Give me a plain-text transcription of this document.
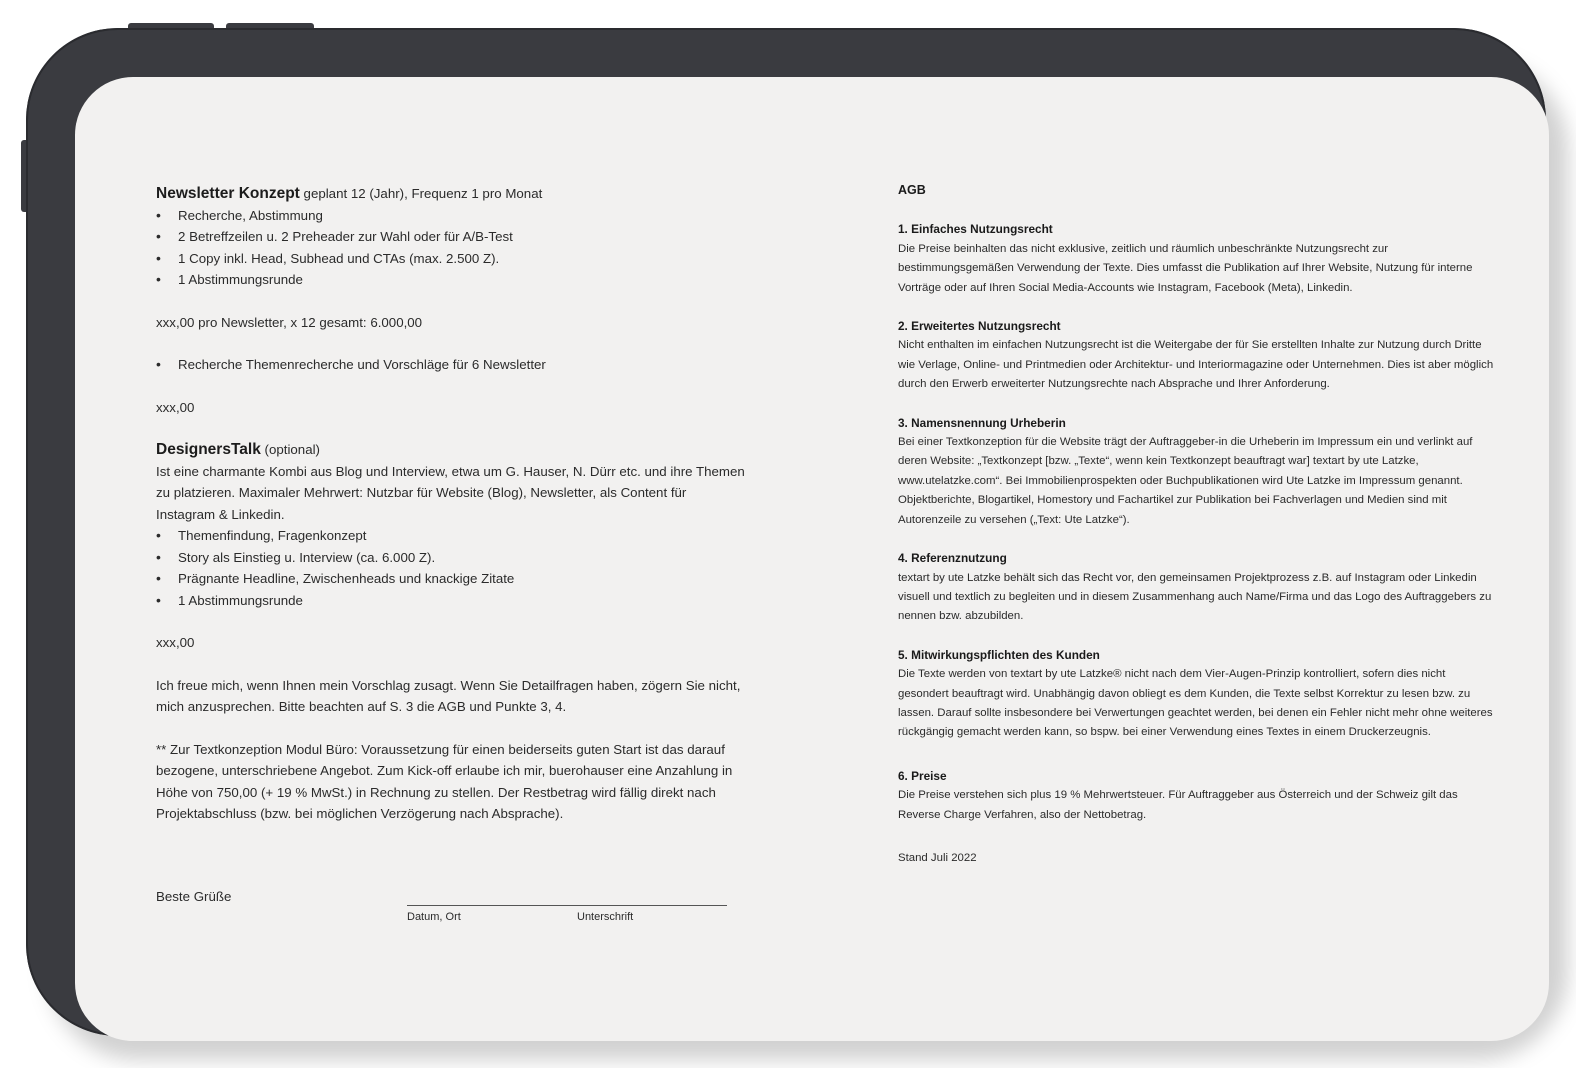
Newsletter Konzept geplant 12 (Jahr), Frequenz 1 pro Monat
• Recherche, Abstimmung
• 2 Betreffzeilen u. 2 Preheader zur Wahl oder für A/B-Test
• 1 Copy inkl. Head, Subhead und CTAs (max. 2.500 Z).
• 1 Abstimmungsrunde

xxx,00 pro Newsletter, x 12 gesamt: 6.000,00

• Recherche Themenrecherche und Vorschläge für 6 Newsletter

xxx,00

DesignersTalk (optional)

Ist eine charmante Kombi aus Blog und Interview, etwa um G. Hauser, N. Dürr etc. und ihre Themen zu platzieren. Maximaler Mehrwert: Nutzbar für Website (Blog), Newsletter, als Content für Instagram & Linkedin.

• Themenfindung, Fragenkonzept
• Story als Einstieg u. Interview (ca. 6.000 Z).
• Prägnante Headline, Zwischenheads und knackige Zitate
• 1 Abstimmungsrunde

xxx,00

Ich freue mich, wenn Ihnen mein Vorschlag zusagt. Wenn Sie Detailfragen haben, zögern Sie nicht, mich anzusprechen. Bitte beachten auf S. 3 die AGB und Punkte 3, 4.

** Zur Textkonzeption Modul Büro: Voraussetzung für einen beiderseits guten Start ist das darauf bezogene, unterschriebene Angebot. Zum Kick-off erlaube ich mir, buerohauser eine Anzahlung in Höhe von 750,00 (+ 19 % MwSt.) in Rechnung zu stellen. Der Restbetrag wird fällig direkt nach Projektabschluss (bzw. bei möglichen Verzögerung nach Absprache).

Beste Grüße
Datum, Ort	Unterschrift
AGB
1. Einfaches Nutzungsrecht

Die Preise beinhalten das nicht exklusive, zeitlich und räumlich unbeschränkte Nutzungsrecht zur bestimmungsgemäßen Verwendung der Texte. Dies umfasst die Publikation auf Ihrer Website, Nutzung für interne Vorträge oder auf Ihren Social Media-Accounts wie Instagram, Facebook (Meta), Linkedin.

2. Erweitertes Nutzungsrecht

Nicht enthalten im einfachen Nutzungsrecht ist die Weitergabe der für Sie erstellten Inhalte zur Nutzung durch Dritte wie Verlage, Online- und Printmedien oder Architektur- und Interiormagazine oder Unternehmen. Dies ist aber möglich durch den Erwerb erweiterter Nutzungsrechte nach Absprache und Ihrer Anforderung.

3. Namensnennung Urheberin

Bei einer Textkonzeption für die Website trägt der Auftraggeber-in die Urheberin im Impressum ein und verlinkt auf deren Website: „Textkonzept [bzw. „Texte“, wenn kein Textkonzept beauftragt war] textart by ute Latzke, www.utelatzke.com“. Bei Immobilienprospekten oder Buchpublikationen wird Ute Latzke im Impressum genannt. Objektberichte, Blogartikel, Homestory und Fachartikel zur Publikation bei Fachverlagen und Medien sind mit Autorenzeile zu versehen („Text: Ute Latzke“).

4. Referenznutzung

textart by ute Latzke behält sich das Recht vor, den gemeinsamen Projektprozess z.B. auf Instagram oder Linkedin visuell und textlich zu begleiten und in diesem Zusammenhang auch Name/Firma und das Logo des Auftraggebers zu nennen bzw. abzubilden.

5. Mitwirkungspflichten des Kunden

Die Texte werden von textart by ute Latzke® nicht nach dem Vier-Augen-Prinzip kontrolliert, sofern dies nicht gesondert beauftragt wird. Unabhängig davon obliegt es dem Kunden, die Texte selbst Korrektur zu lesen bzw. zu lassen. Darauf sollte insbesondere bei Verwertungen geachtet werden, bei denen ein Fehler nicht mehr ohne weiteres rückgängig gemacht werden kann, so bspw. bei einer Verwendung eines Textes in einem Druckerzeugnis.

6. Preise

Die Preise verstehen sich plus 19 % Mehrwertsteuer. Für Auftraggeber aus Österreich und der Schweiz gilt das Reverse Charge Verfahren, also der Nettobetrag.

Stand Juli 2022
